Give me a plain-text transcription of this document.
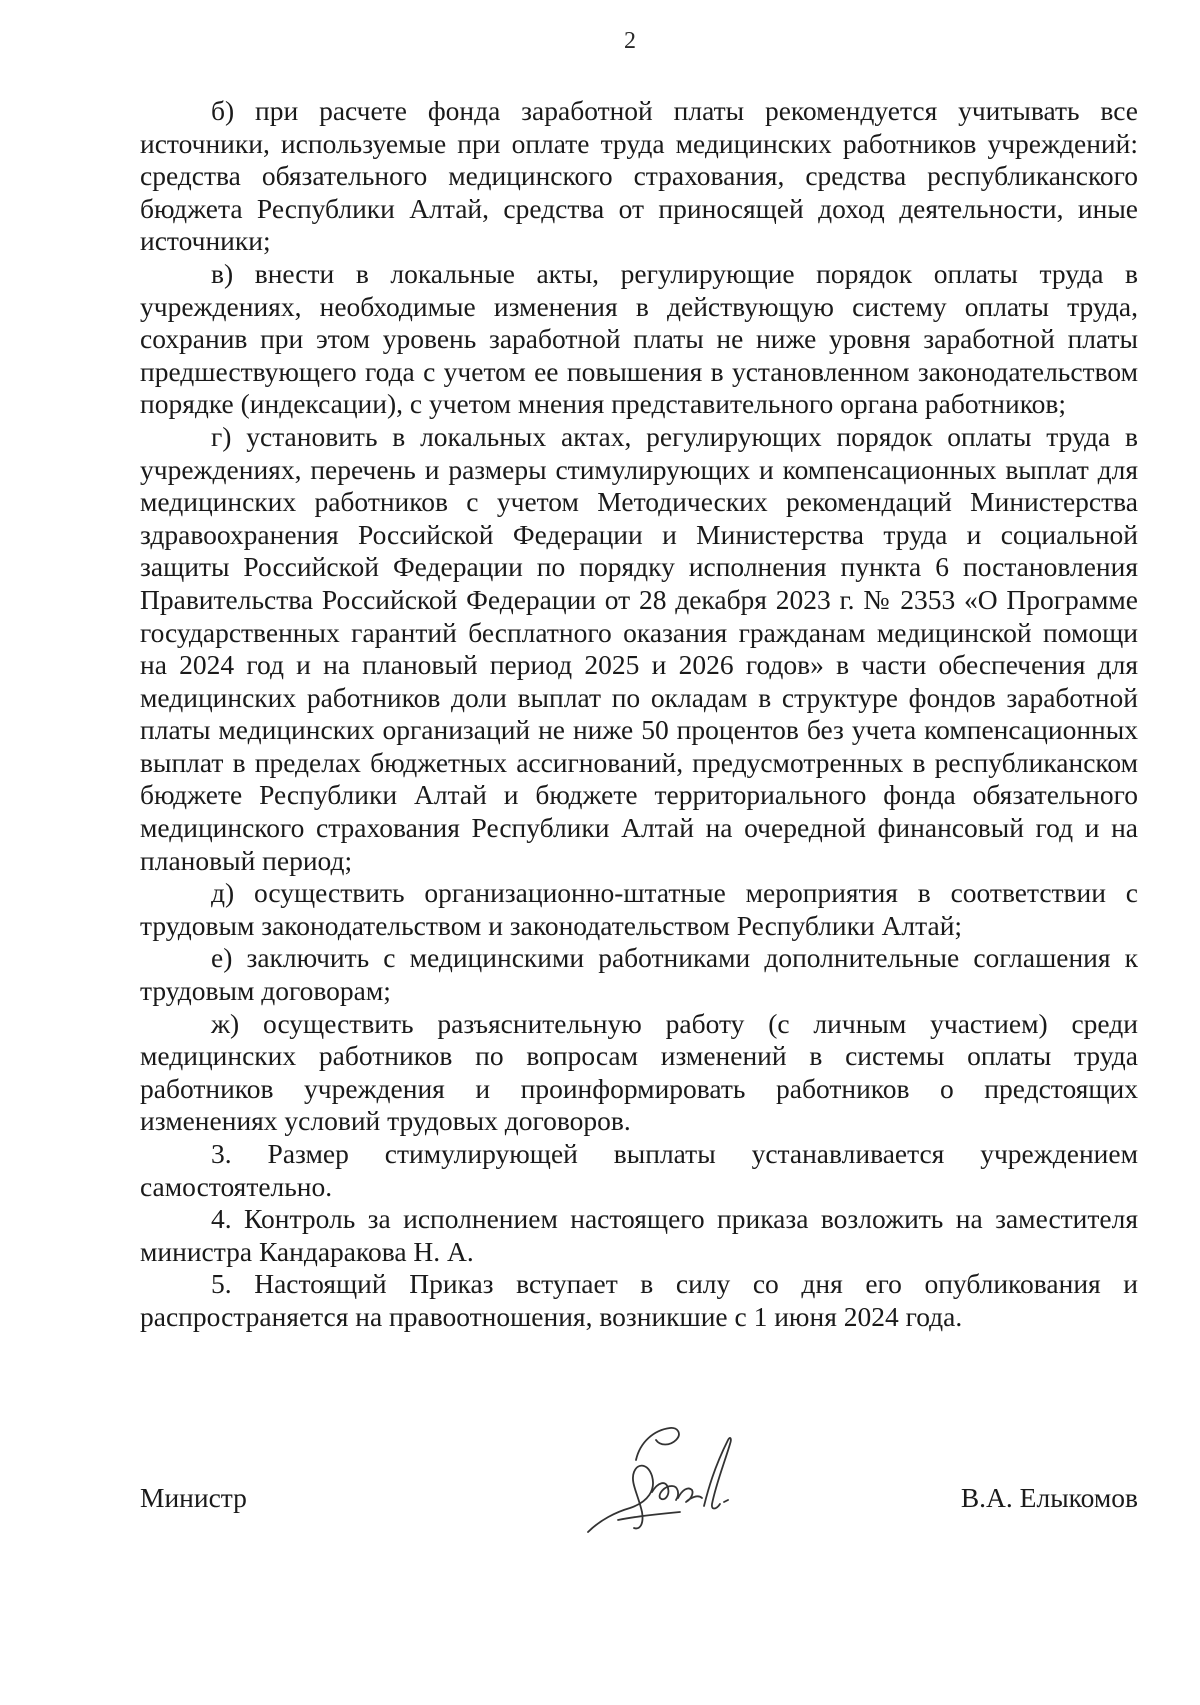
2

б) при расчете фонда заработной платы рекомендуется учитывать все источники, используемые при оплате труда медицинских работников учреждений: средства обязательного медицинского страхования, средства республиканского бюджета Республики Алтай, средства от приносящей доход деятельности, иные источники;

в) внести в локальные акты, регулирующие порядок оплаты труда в учреждениях, необходимые изменения в действующую систему оплаты труда, сохранив при этом уровень заработной платы не ниже уровня заработной платы предшествующего года с учетом ее повышения в установленном законодательством порядке (индексации), с учетом мнения представительного органа работников;

г) установить в локальных актах, регулирующих порядок оплаты труда в учреждениях, перечень и размеры стимулирующих и компенсационных выплат для медицинских работников с учетом Методических рекомендаций Министерства здравоохранения Российской Федерации и Министерства труда и социальной защиты Российской Федерации по порядку исполнения пункта 6 постановления Правительства Российской Федерации от 28 декабря 2023 г. № 2353 «О Программе государственных гарантий бесплатного оказания гражданам медицинской помощи на 2024 год и на плановый период 2025 и 2026 годов» в части обеспечения для медицинских работников доли выплат по окладам в структуре фондов заработной платы медицинских организаций не ниже 50 процентов без учета компенсационных выплат в пределах бюджетных ассигнований, предусмотренных в республиканском бюджете Республики Алтай и бюджете территориального фонда обязательного медицинского страхования Республики Алтай на очередной финансовый год и на плановый период;

д) осуществить организационно-штатные мероприятия в соответствии с трудовым законодательством и законодательством Республики Алтай;

е) заключить с медицинскими работниками дополнительные соглашения к трудовым договорам;

ж) осуществить разъяснительную работу (с личным участием) среди медицинских работников по вопросам изменений в системы оплаты труда работников учреждения и проинформировать работников о предстоящих изменениях условий трудовых договоров.

3. Размер стимулирующей выплаты устанавливается учреждением самостоятельно.

4. Контроль за исполнением настоящего приказа возложить на заместителя министра Кандаракова Н. А.

5. Настоящий Приказ вступает в силу со дня его опубликования и распространяется на правоотношения, возникшие с 1 июня 2024 года.

Министр	В.А. Елыкомов
